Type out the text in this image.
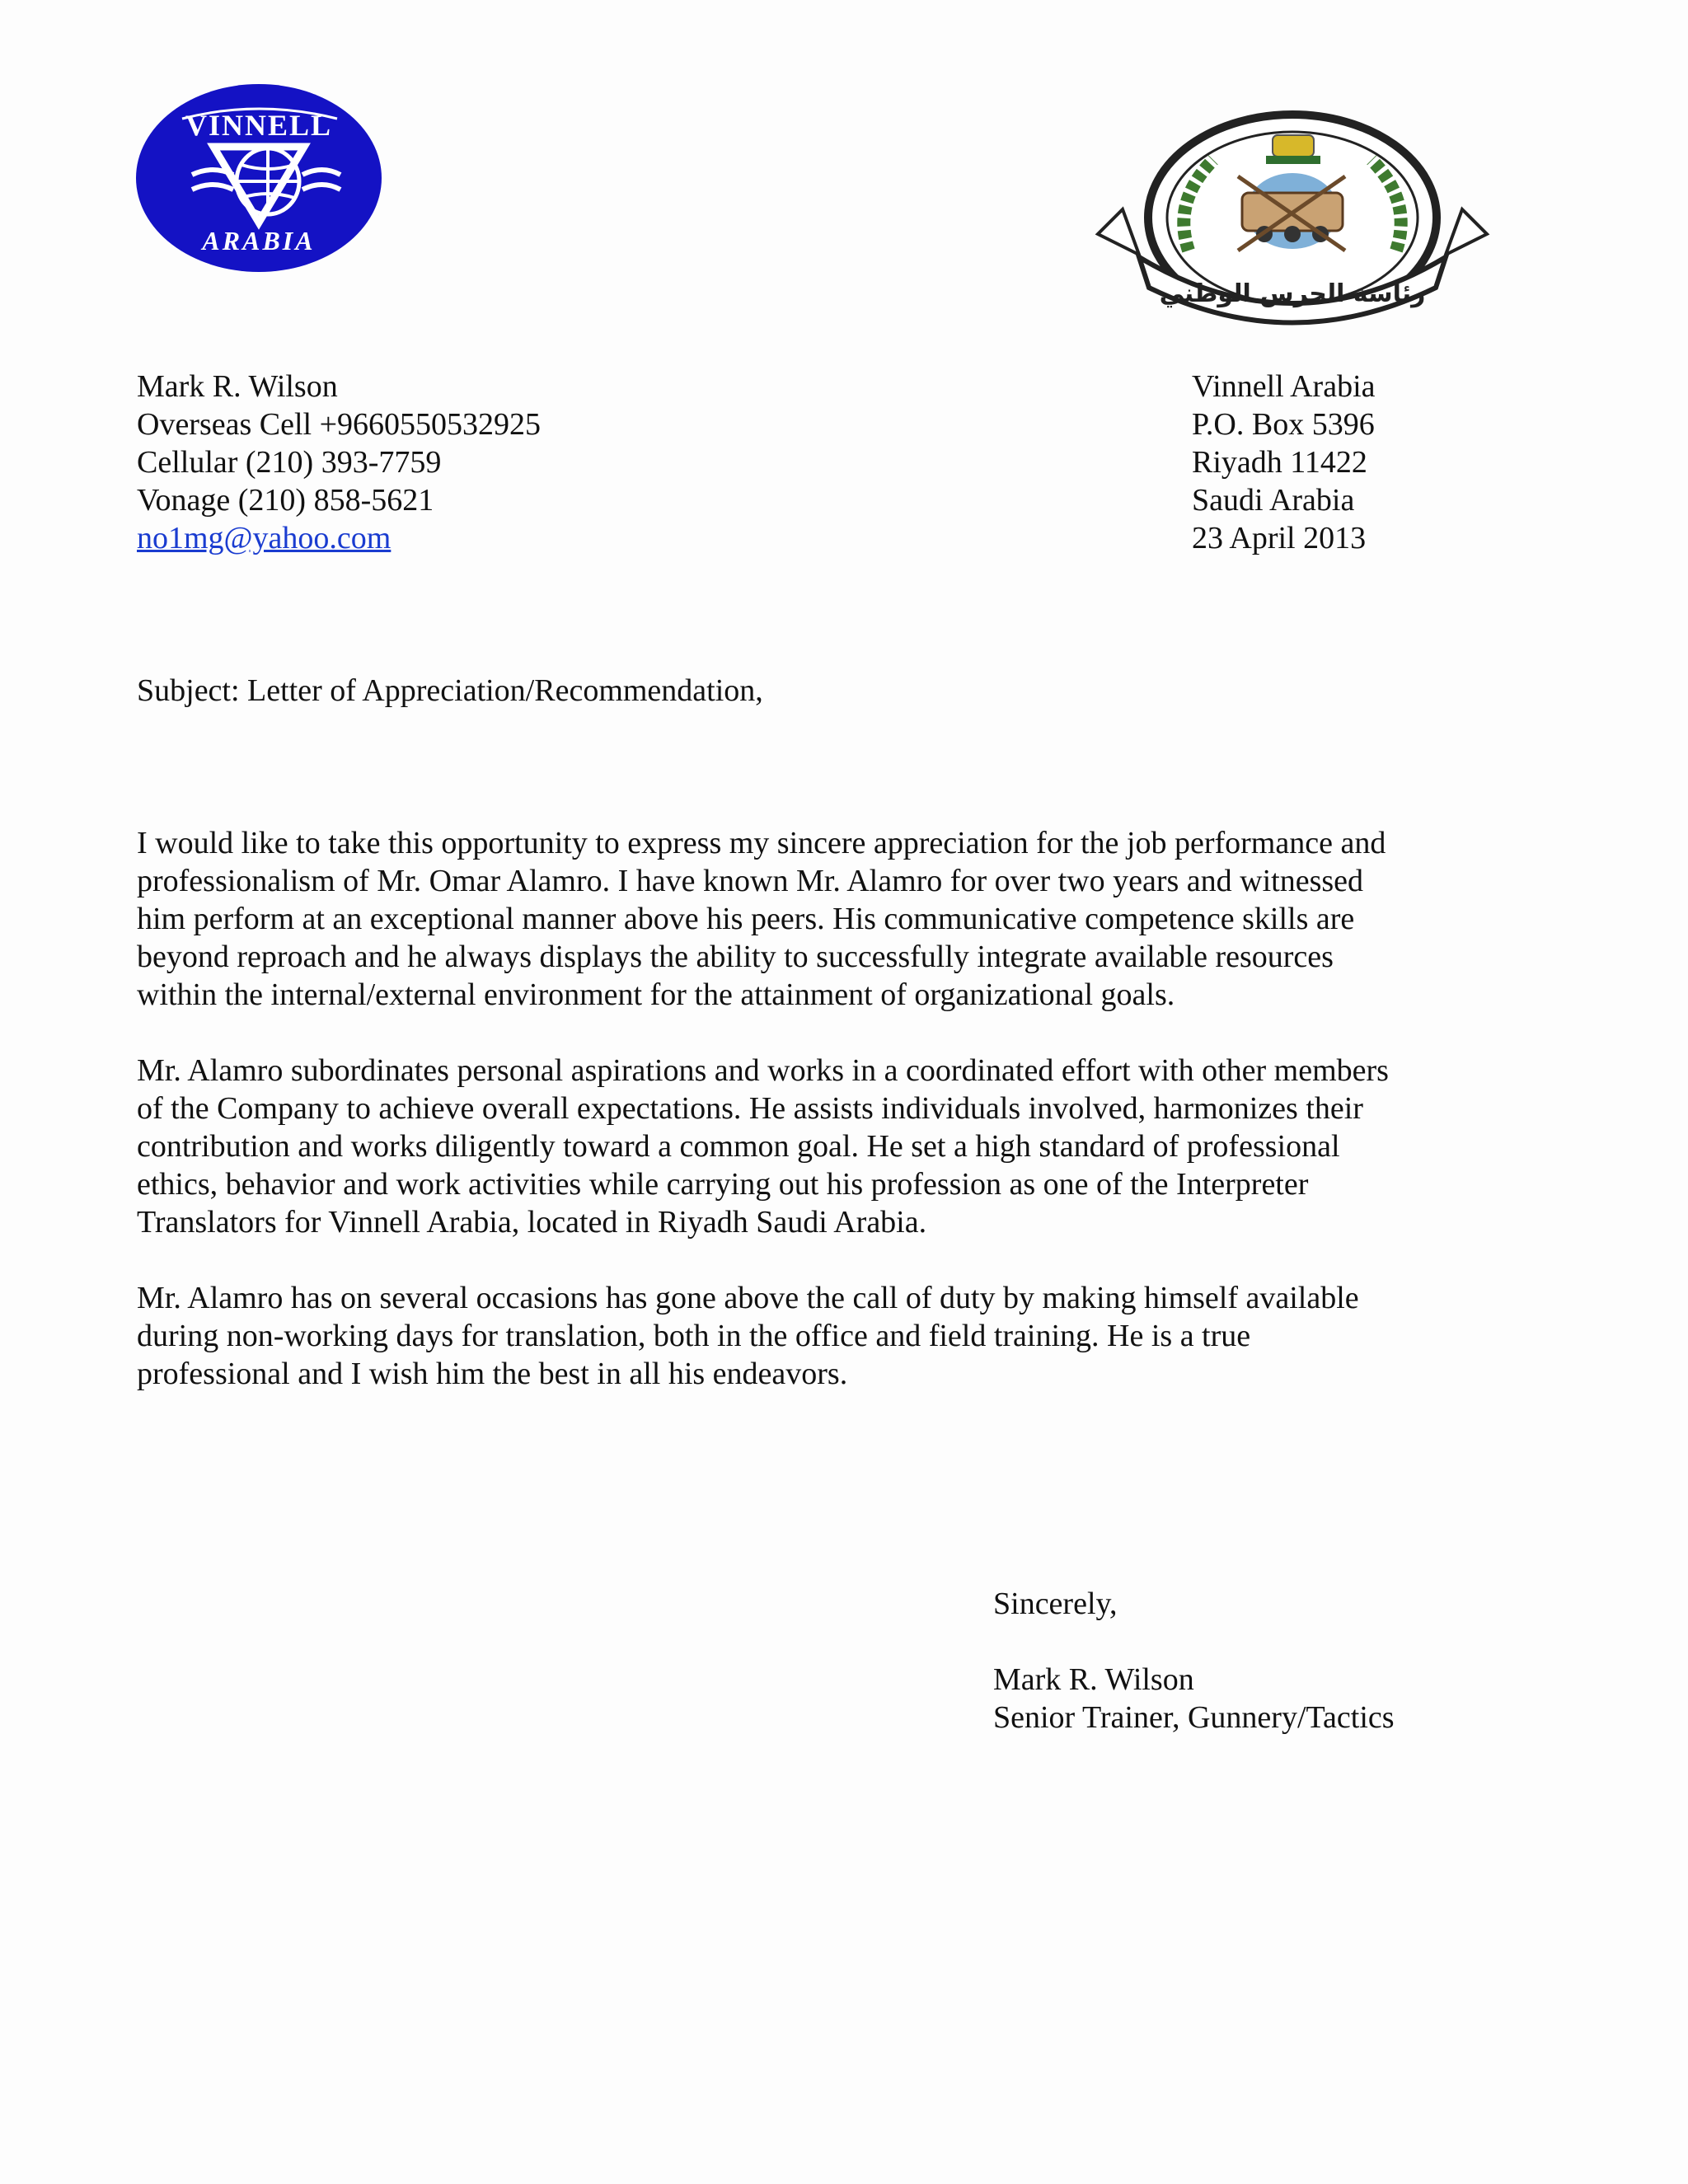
VINNELL
ARABIA
رئاسة الحرس الوطني
Mark R. Wilson
Overseas Cell +9660550532925
Cellular (210) 393-7759
Vonage (210) 858-5621
no1mg@yahoo.com
Vinnell Arabia
P.O. Box 5396
Riyadh 11422
Saudi Arabia
23 April 2013
Subject: Letter of Appreciation/Recommendation,
I would like to take this opportunity to express my sincere appreciation for the job performance and
professionalism of Mr. Omar Alamro. I have known Mr. Alamro for over two years and witnessed
him perform at an exceptional manner above his peers. His communicative competence skills are
beyond reproach and he always displays the ability to successfully integrate available resources
within the internal/external environment for the attainment of organizational goals.
Mr. Alamro subordinates personal aspirations and works in a coordinated effort with other members
of the Company to achieve overall expectations. He assists individuals involved, harmonizes their
contribution and works diligently toward a common goal. He set a high standard of professional
ethics, behavior and work activities while carrying out his profession as one of the Interpreter
Translators for Vinnell Arabia, located in Riyadh Saudi Arabia.
Mr. Alamro has on several occasions has gone above the call of duty by making himself available
during non-working days for translation, both in the office and field training. He is a true
professional and I wish him the best in all his endeavors.
Sincerely,
Mark R. Wilson
Senior Trainer, Gunnery/Tactics
